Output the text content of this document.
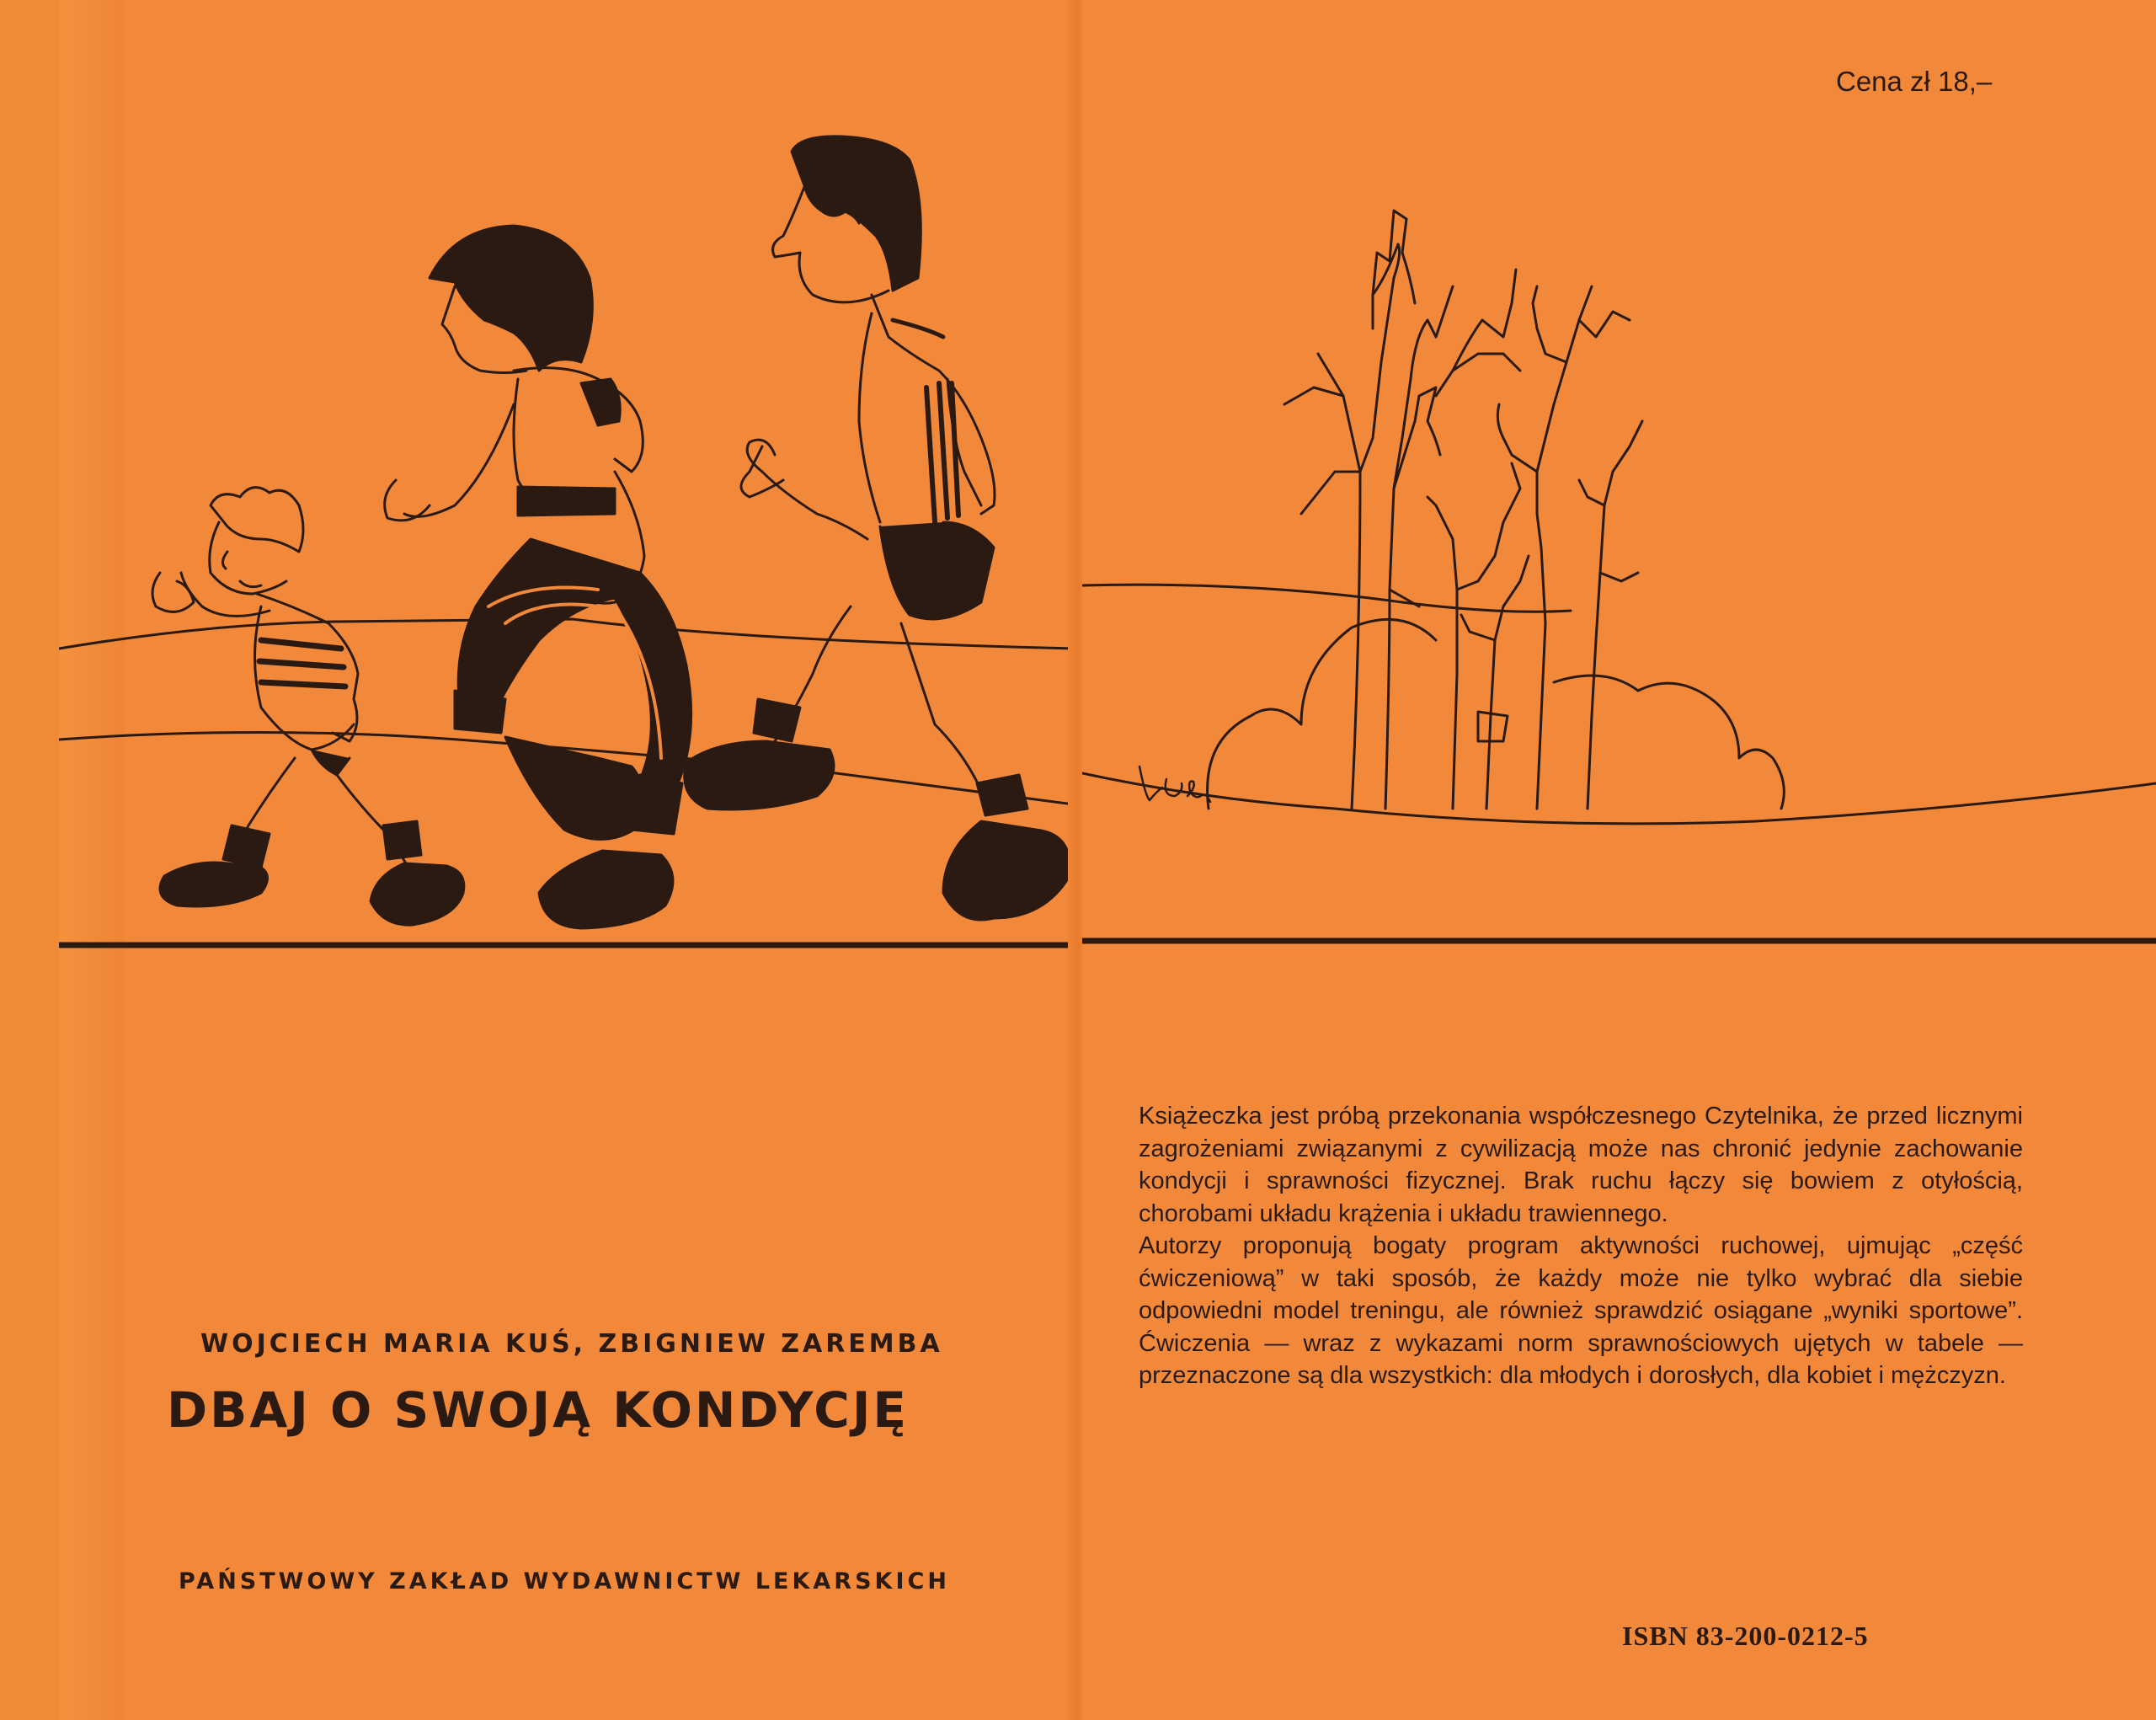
WOJCIECH MARIA KUŚ, ZBIGNIEW ZAREMBA
DBAJ O SWOJĄ KONDYCJĘ
PAŃSTWOWY ZAKŁAD WYDAWNICTW LEKARSKICH
Cena zł 18,–

Książeczka jest próbą przekonania współczesnego Czytelnika, że przed licznymi zagrożeniami związanymi z cywilizacją może nas chronić jedynie zachowanie kondycji i sprawności fizycznej. Brak ruchu łączy się bowiem z otyłością, chorobami układu krążenia i układu trawiennego.

Autorzy proponują bogaty program aktywności ruchowej, ujmując „część ćwiczeniową” w taki sposób, że każdy może nie tylko wybrać dla siebie odpowiedni model treningu, ale również sprawdzić osiągane „wyniki sportowe”. Ćwiczenia — wraz z wykazami norm sprawnościowych ujętych w tabele — przeznaczone są dla wszystkich: dla młodych i dorosłych, dla kobiet i mężczyzn.

ISBN 83-200-0212-5
